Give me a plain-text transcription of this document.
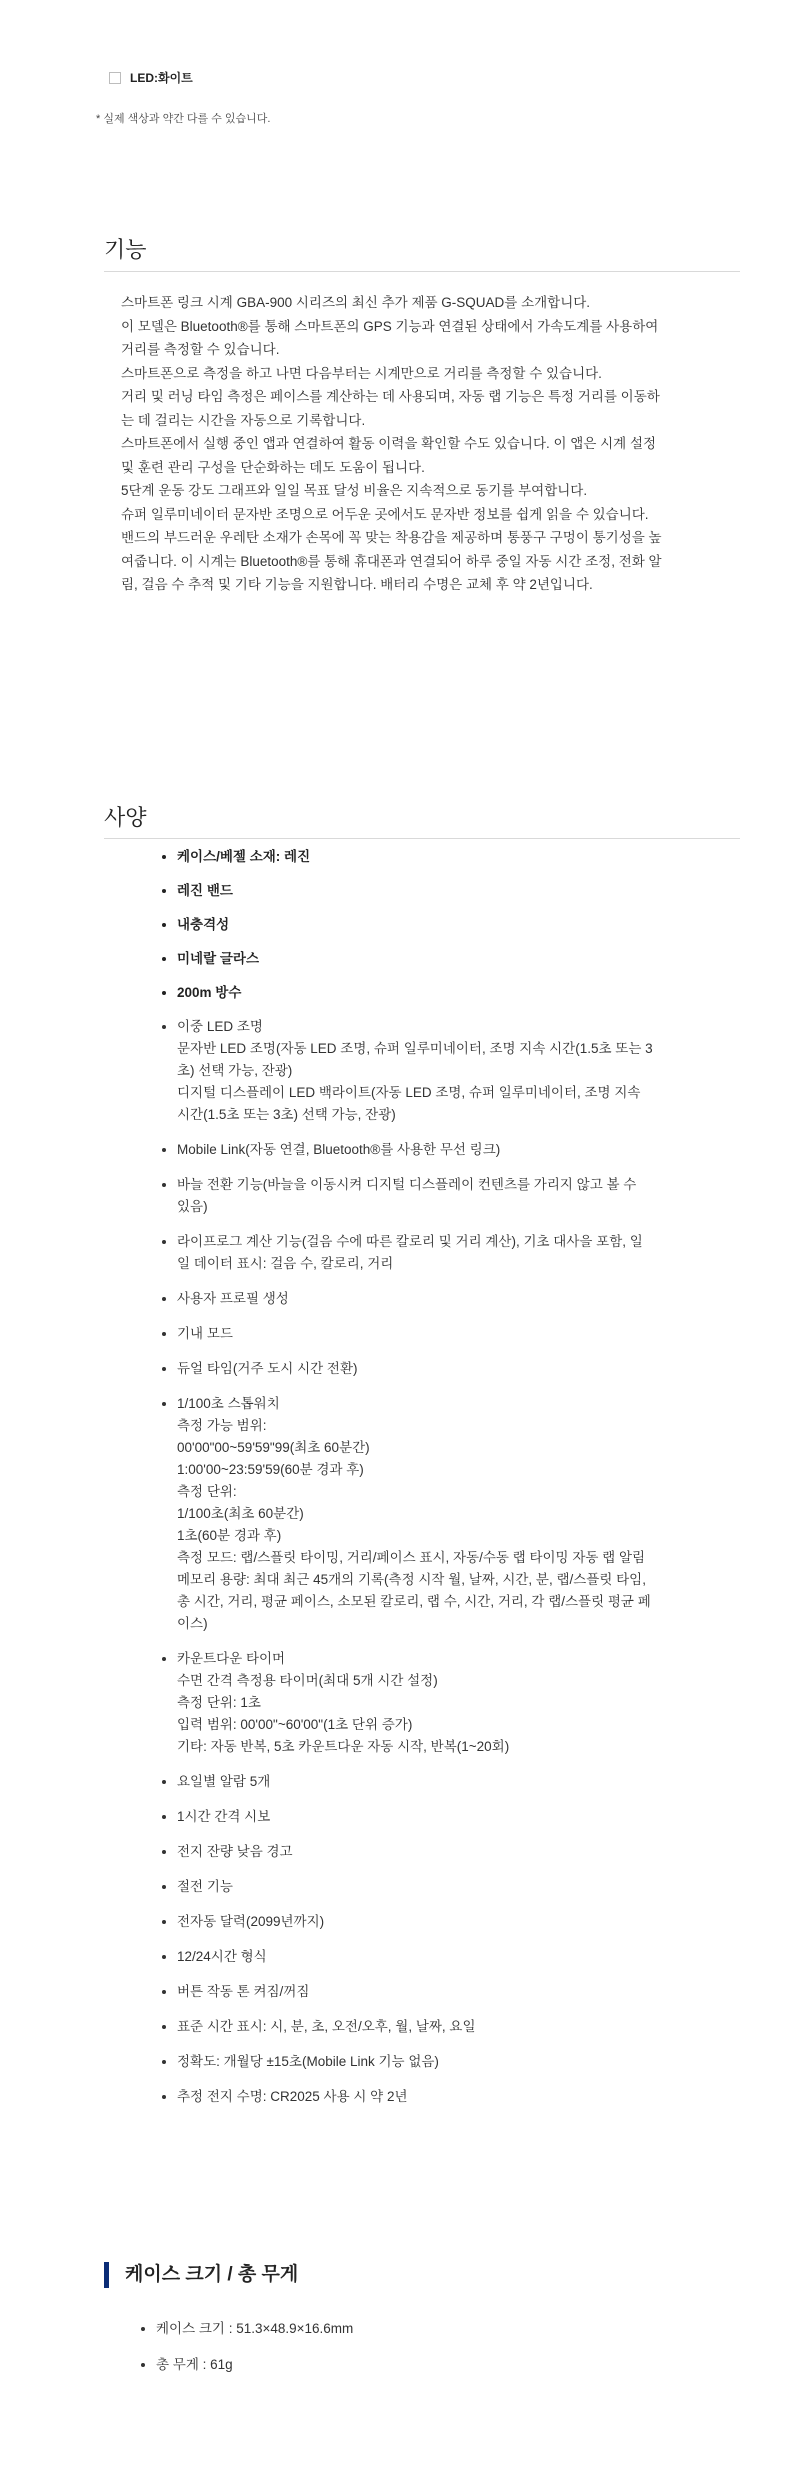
LED:화이트
* 실제 색상과 약간 다를 수 있습니다.
기능

스마트폰 링크 시계 GBA-900 시리즈의 최신 추가 제품 G-SQUAD를 소개합니다.
이 모델은 Bluetooth®를 통해 스마트폰의 GPS 기능과 연결된 상태에서 가속도계를 사용하여
거리를 측정할 수 있습니다.
스마트폰으로 측정을 하고 나면 다음부터는 시계만으로 거리를 측정할 수 있습니다.
거리 및 러닝 타임 측정은 페이스를 계산하는 데 사용되며, 자동 랩 기능은 특정 거리를 이동하
는 데 걸리는 시간을 자동으로 기록합니다.
스마트폰에서 실행 중인 앱과 연결하여 활동 이력을 확인할 수도 있습니다. 이 앱은 시계 설정
및 훈련 관리 구성을 단순화하는 데도 도움이 됩니다.
5단계 운동 강도 그래프와 일일 목표 달성 비율은 지속적으로 동기를 부여합니다.
슈퍼 일루미네이터 문자반 조명으로 어두운 곳에서도 문자반 정보를 쉽게 읽을 수 있습니다.
밴드의 부드러운 우레탄 소재가 손목에 꼭 맞는 착용감을 제공하며 통풍구 구멍이 통기성을 높
여줍니다. 이 시계는 Bluetooth®를 통해 휴대폰과 연결되어 하루 중일 자동 시간 조정, 전화 알
림, 걸음 수 추적 및 기타 기능을 지원합니다. 배터리 수명은 교체 후 약 2년입니다.

사양
• 케이스/베젤 소재: 레진
• 레진 밴드
• 내충격성
• 미네랄 글라스
• 200m 방수
• 이중 LED 조명
문자반 LED 조명(자동 LED 조명, 슈퍼 일루미네이터, 조명 지속 시간(1.5초 또는 3
초) 선택 가능, 잔광)
디지털 디스플레이 LED 백라이트(자동 LED 조명, 슈퍼 일루미네이터, 조명 지속
시간(1.5초 또는 3초) 선택 가능, 잔광)
• Mobile Link(자동 연결, Bluetooth®를 사용한 무선 링크)
• 바늘 전환 기능(바늘을 이동시켜 디지털 디스플레이 컨텐츠를 가리지 않고 볼 수
있음)
• 라이프로그 계산 기능(걸음 수에 따른 칼로리 및 거리 계산), 기초 대사을 포함, 일
일 데이터 표시: 걸음 수, 칼로리, 거리
• 사용자 프로필 생성
• 기내 모드
• 듀얼 타임(거주 도시 시간 전환)
• 1/100초 스톱워치
측정 가능 범위:
00'00"00~59'59"99(최초 60분간)
1:00'00~23:59'59(60분 경과 후)
측정 단위:
1/100초(최초 60분간)
1초(60분 경과 후)
측정 모드: 랩/스플릿 타이밍, 거리/페이스 표시, 자동/수동 랩 타이밍 자동 랩 알림
메모리 용량: 최대 최근 45개의 기록(측정 시작 월, 날짜, 시간, 분, 랩/스플릿 타임,
총 시간, 거리, 평균 페이스, 소모된 칼로리, 랩 수, 시간, 거리, 각 랩/스플릿 평균 페
이스)
• 카운트다운 타이머
수면 간격 측정용 타이머(최대 5개 시간 설정)
측정 단위: 1초
입력 범위: 00'00"~60'00"(1초 단위 증가)
기타: 자동 반복, 5초 카운트다운 자동 시작, 반복(1~20회)
• 요일별 알람 5개
• 1시간 간격 시보
• 전지 잔량 낮음 경고
• 절전 기능
• 전자동 달력(2099년까지)
• 12/24시간 형식
• 버튼 작동 톤 켜짐/꺼짐
• 표준 시간 표시: 시, 분, 초, 오전/오후, 월, 날짜, 요일
• 정확도: 개월당 ±15초(Mobile Link 기능 없음)
• 추정 전지 수명: CR2025 사용 시 약 2년
케이스 크기 / 총 무게
• 케이스 크기 : 51.3×48.9×16.6mm
• 총 무게 : 61g
